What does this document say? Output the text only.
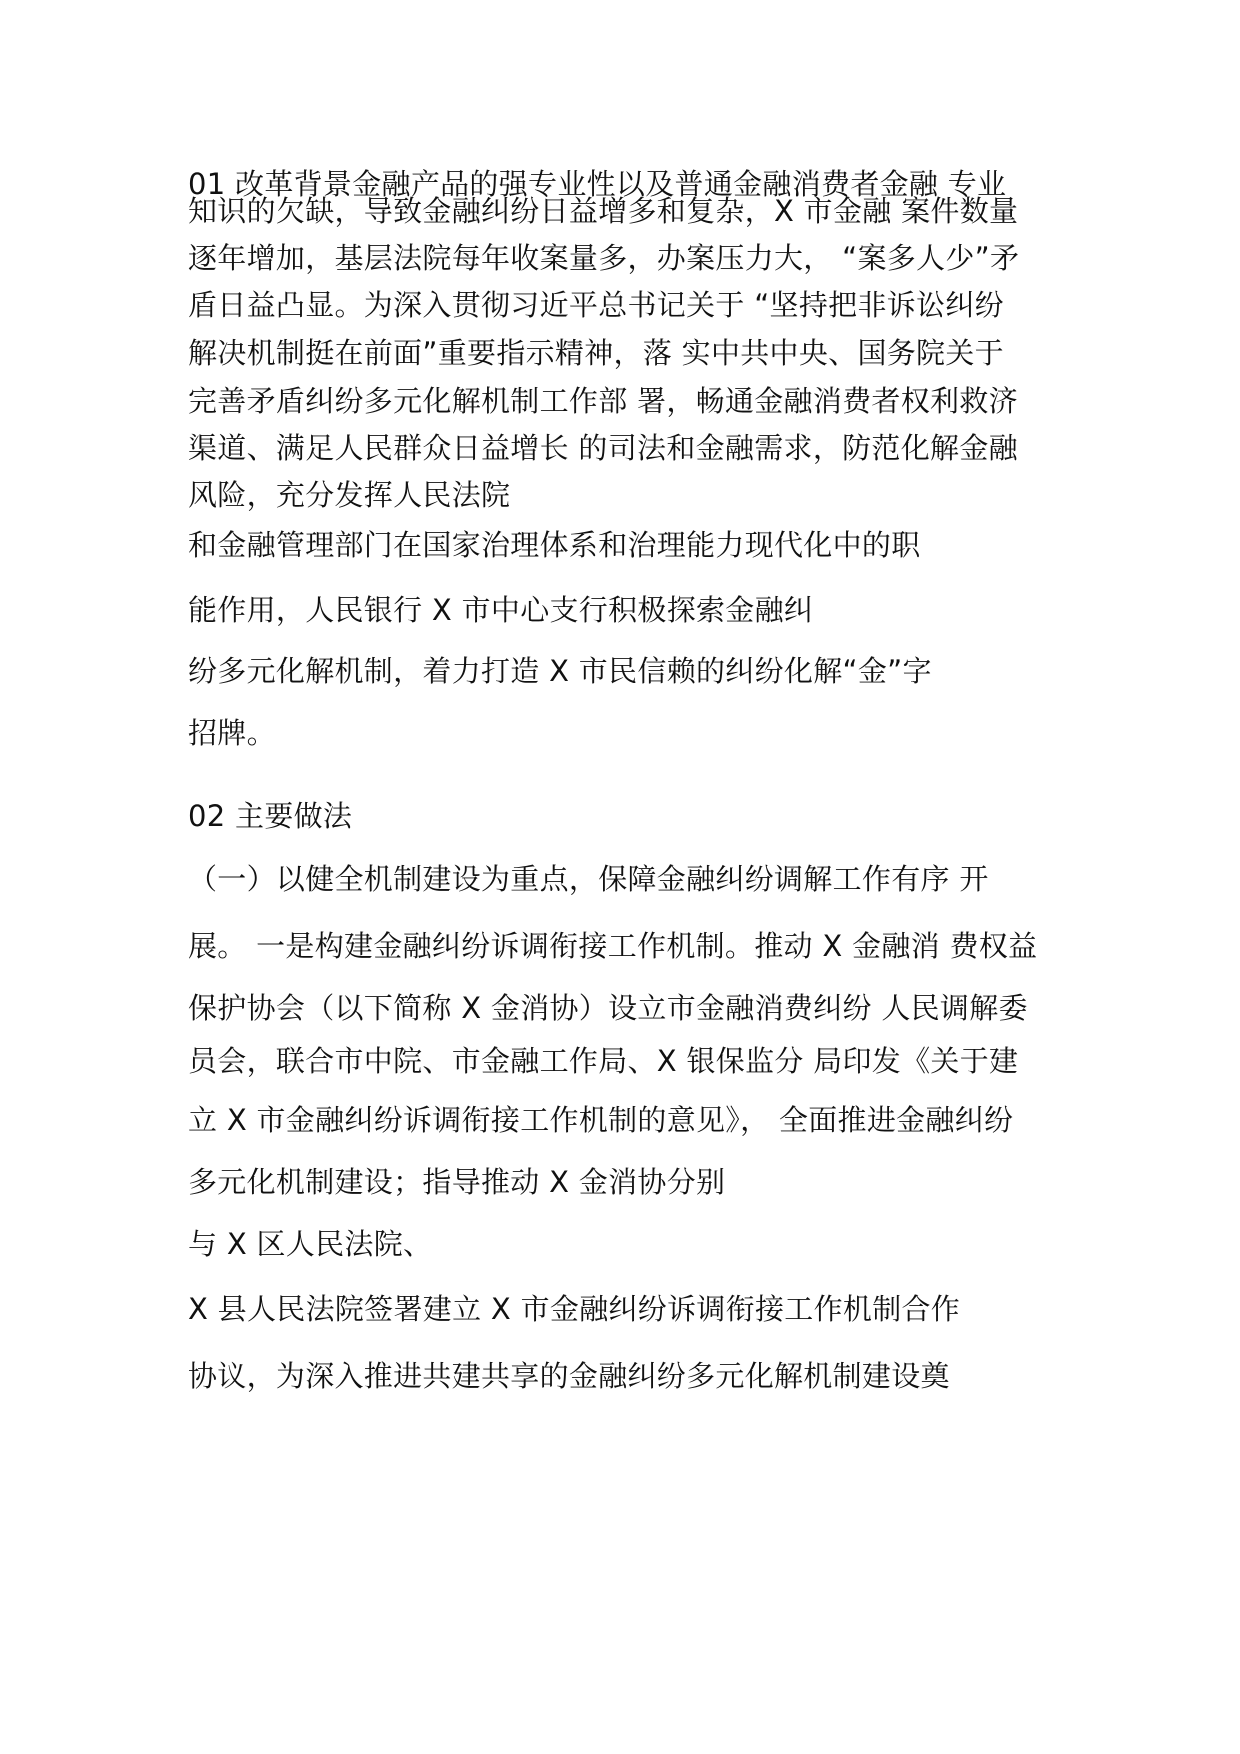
01 改革背景金融产品的强专业性以及普通金融消费者金融 专业
知识的欠缺，导致金融纠纷日益增多和复杂，X 市金融 案件数量
逐年增加，基层法院每年收案量多，办案压力大， “案多人少”矛
盾日益凸显。为深入贯彻习近平总书记关于 “坚持把非诉讼纠纷
解决机制挺在前面”重要指示精神，落 实中共中央、国务院关于
完善矛盾纠纷多元化解机制工作部 署，畅通金融消费者权利救济
渠道、满足人民群众日益增长 的司法和金融需求，防范化解金融
风险，充分发挥人民法院
和金融管理部门在国家治理体系和治理能力现代化中的职
能作用，人民银行 X 市中心支行积极探索金融纠
纷多元化解机制，着力打造 X 市民信赖的纠纷化解“金”字
招牌。
02 主要做法
（一）以健全机制建设为重点，保障金融纠纷调解工作有序 开
展。 一是构建金融纠纷诉调衔接工作机制。推动 X 金融消 费权益
保护协会（以下简称 X 金消协）设立市金融消费纠纷 人民调解委
员会，联合市中院、市金融工作局、X 银保监分 局印发《关于建
立 X 市金融纠纷诉调衔接工作机制的意见》， 全面推进金融纠纷
多元化机制建设；指导推动 X 金消协分别
与 X 区人民法院、
X 县人民法院签署建立 X 市金融纠纷诉调衔接工作机制合作
协议，为深入推进共建共享的金融纠纷多元化解机制建设奠
